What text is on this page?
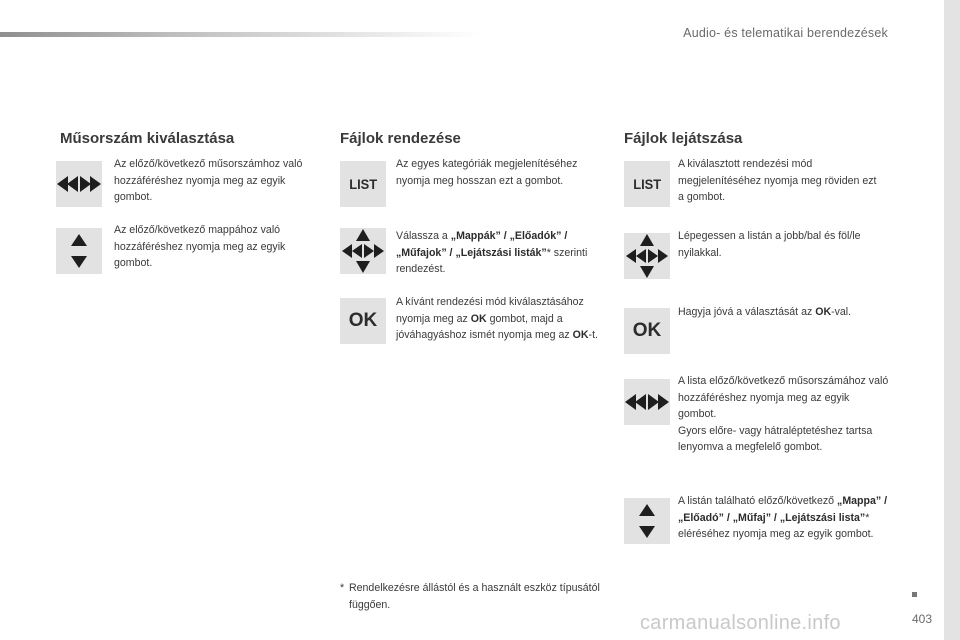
Audio- és telematikai berendezések
Műsorszám kiválasztása
Az előző/következő műsorszámhoz való hozzáféréshez nyomja meg az egyik gombot.
Az előző/következő mappához való hozzáféréshez nyomja meg az egyik gombot.
Fájlok rendezése
LIST
Az egyes kategóriák megjelenítéséhez nyomja meg hosszan ezt a gombot.
Válassza a „Mappák” / „Előadók” / „Műfajok” / „Lejátszási listák”* szerinti rendezést.
OK
A kívánt rendezési mód kiválasztásához nyomja meg az OK gombot, majd a jóváhagyáshoz ismét nyomja meg az OK-t.
Fájlok lejátszása
LIST
A kiválasztott rendezési mód megjelenítéséhez nyomja meg röviden ezt a gombot.
Lépegessen a listán a jobb/bal és föl/le nyilakkal.
OK
Hagyja jóvá a választását az OK-val.
A lista előző/következő műsorszámához való hozzáféréshez nyomja meg az egyik gombot.
Gyors előre- vagy hátraléptetéshez tartsa lenyomva a megfelelő gombot.
A listán található előző/következő „Mappa” / „Előadó” / „Műfaj” / „Lejátszási lista”* eléréséhez nyomja meg az egyik gombot.
* Rendelkezésre állástól és a használt eszköz típusától függően.
carmanualsonline.info	403
